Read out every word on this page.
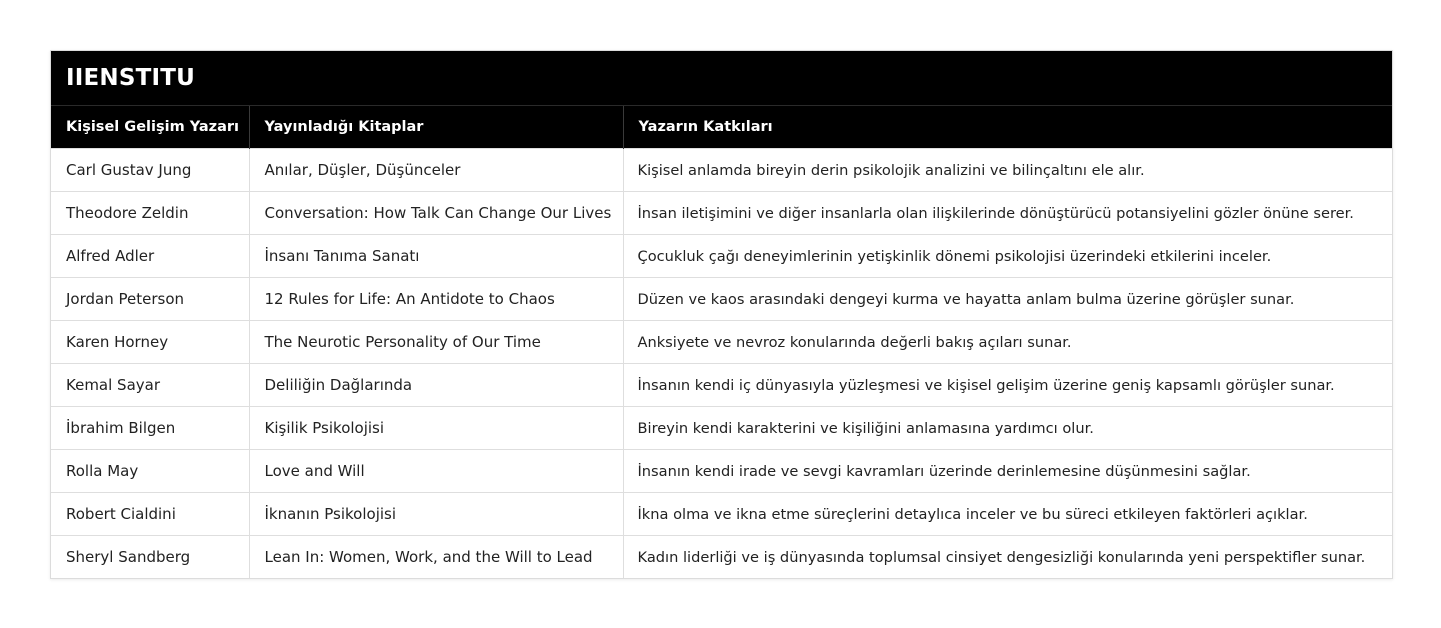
IIENSTITU
Kişisel Gelişim Yazarı	Yayınladığı Kitaplar	Yazarın Katkıları
Carl Gustav Jung	Anılar, Düşler, Düşünceler	Kişisel anlamda bireyin derin psikolojik analizini ve bilinçaltını ele alır.
Theodore Zeldin	Conversation: How Talk Can Change Our Lives	İnsan iletişimini ve diğer insanlarla olan ilişkilerinde dönüştürücü potansiyelini gözler önüne serer.
Alfred Adler	İnsanı Tanıma Sanatı	Çocukluk çağı deneyimlerinin yetişkinlik dönemi psikolojisi üzerindeki etkilerini inceler.
Jordan Peterson	12 Rules for Life: An Antidote to Chaos	Düzen ve kaos arasındaki dengeyi kurma ve hayatta anlam bulma üzerine görüşler sunar.
Karen Horney	The Neurotic Personality of Our Time	Anksiyete ve nevroz konularında değerli bakış açıları sunar.
Kemal Sayar	Deliliğin Dağlarında	İnsanın kendi iç dünyasıyla yüzleşmesi ve kişisel gelişim üzerine geniş kapsamlı görüşler sunar.
İbrahim Bilgen	Kişilik Psikolojisi	Bireyin kendi karakterini ve kişiliğini anlamasına yardımcı olur.
Rolla May	Love and Will	İnsanın kendi irade ve sevgi kavramları üzerinde derinlemesine düşünmesini sağlar.
Robert Cialdini	İknanın Psikolojisi	İkna olma ve ikna etme süreçlerini detaylıca inceler ve bu süreci etkileyen faktörleri açıklar.
Sheryl Sandberg	Lean In: Women, Work, and the Will to Lead	Kadın liderliği ve iş dünyasında toplumsal cinsiyet dengesizliği konularında yeni perspektifler sunar.
